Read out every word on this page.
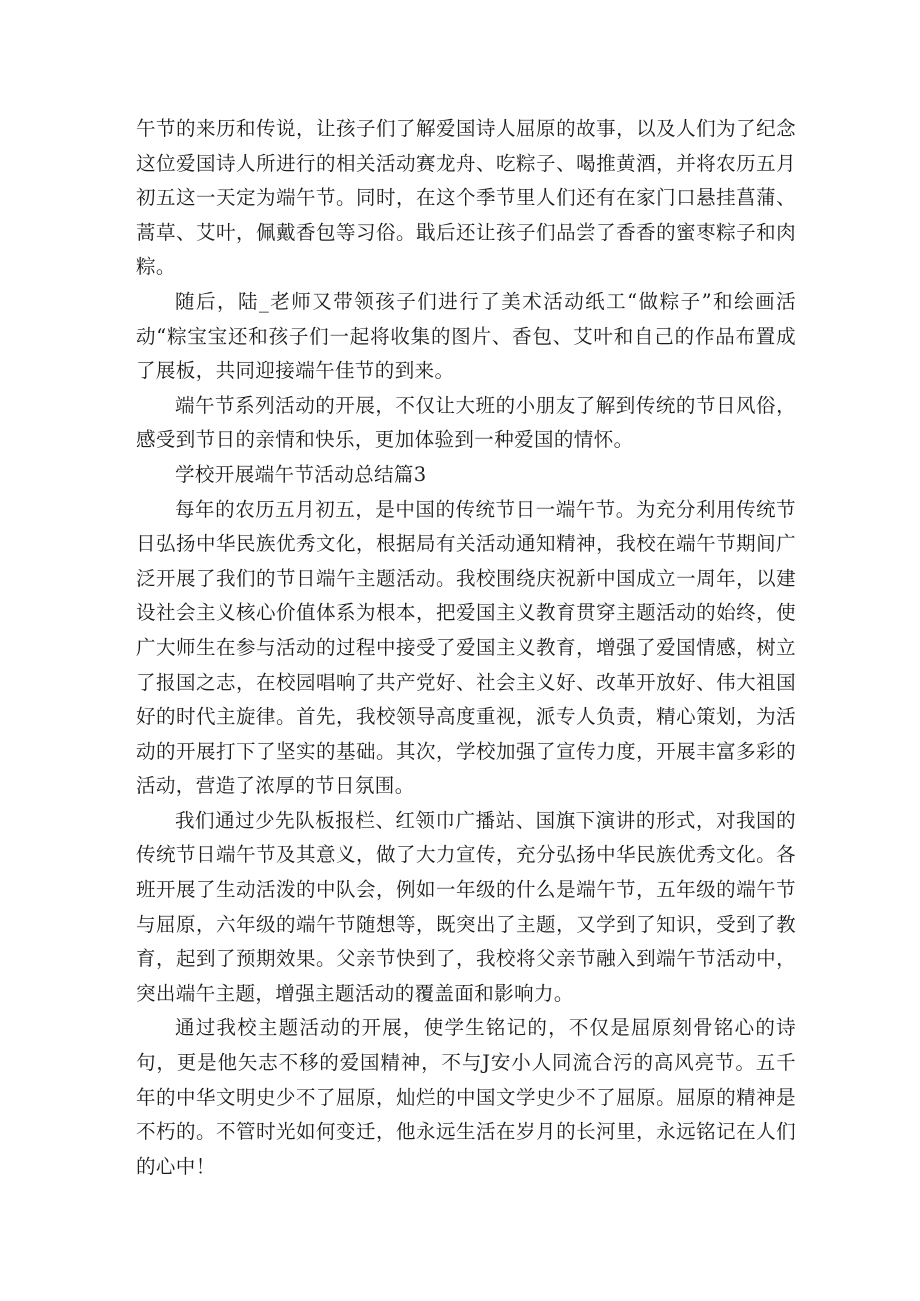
午节的来历和传说，让孩子们了解爱国诗人屈原的故事，以及人们为了纪念这位爱国诗人所进行的相关活动赛龙舟、吃粽子、喝推黄酒，并将农历五月初五这一天定为端午节。同时，在这个季节里人们还有在家门口悬挂菖蒲、蒿草、艾叶，佩戴香包等习俗。戢后还让孩子们品尝了香香的蜜枣粽子和肉粽。

随后，陆_老师又带领孩子们进行了美术活动纸工“做粽子”和绘画活动“粽宝宝还和孩子们一起将收集的图片、香包、艾叶和自己的作品布置成了展板，共同迎接端午佳节的到来。

端午节系列活动的开展，不仅让大班的小朋友了解到传统的节日风俗，感受到节日的亲情和快乐，更加体验到一种爱国的情怀。

学校开展端午节活动总结篇3

每年的农历五月初五，是中国的传统节日一端午节。为充分利用传统节日弘扬中华民族优秀文化，根据局有关活动通知精神，我校在端午节期间广泛开展了我们的节日端午主题活动。我校围绕庆祝新中国成立一周年，以建设社会主义核心价值体系为根本，把爱国主义教育贯穿主题活动的始终，使广大师生在参与活动的过程中接受了爱国主义教育，增强了爱国情感，树立了报国之志，在校园唱响了共产党好、社会主义好、改革开放好、伟大祖国好的时代主旋律。首先，我校领导高度重视，派专人负责，精心策划，为活动的开展打下了坚实的基础。其次，学校加强了宣传力度，开展丰富多彩的活动，营造了浓厚的节日氛围。

我们通过少先队板报栏、红领巾广播站、国旗下演讲的形式，对我国的传统节日端午节及其意义，做了大力宣传，充分弘扬中华民族优秀文化。各班开展了生动活泼的中队会，例如一年级的什么是端午节，五年级的端午节与屈原，六年级的端午节随想等，既突出了主题，又学到了知识，受到了教育，起到了预期效果。父亲节快到了，我校将父亲节融入到端午节活动中，突出端午主题，增强主题活动的覆盖面和影响力。

通过我校主题活动的开展，使学生铭记的，不仅是屈原刻骨铭心的诗句，更是他矢志不移的爱国精神，不与J安小人同流合污的高风亮节。五千年的中华文明史少不了屈原，灿烂的中国文学史少不了屈原。屈原的精神是不朽的。不管时光如何变迁，他永远生活在岁月的长河里，永远铭记在人们的心中！
